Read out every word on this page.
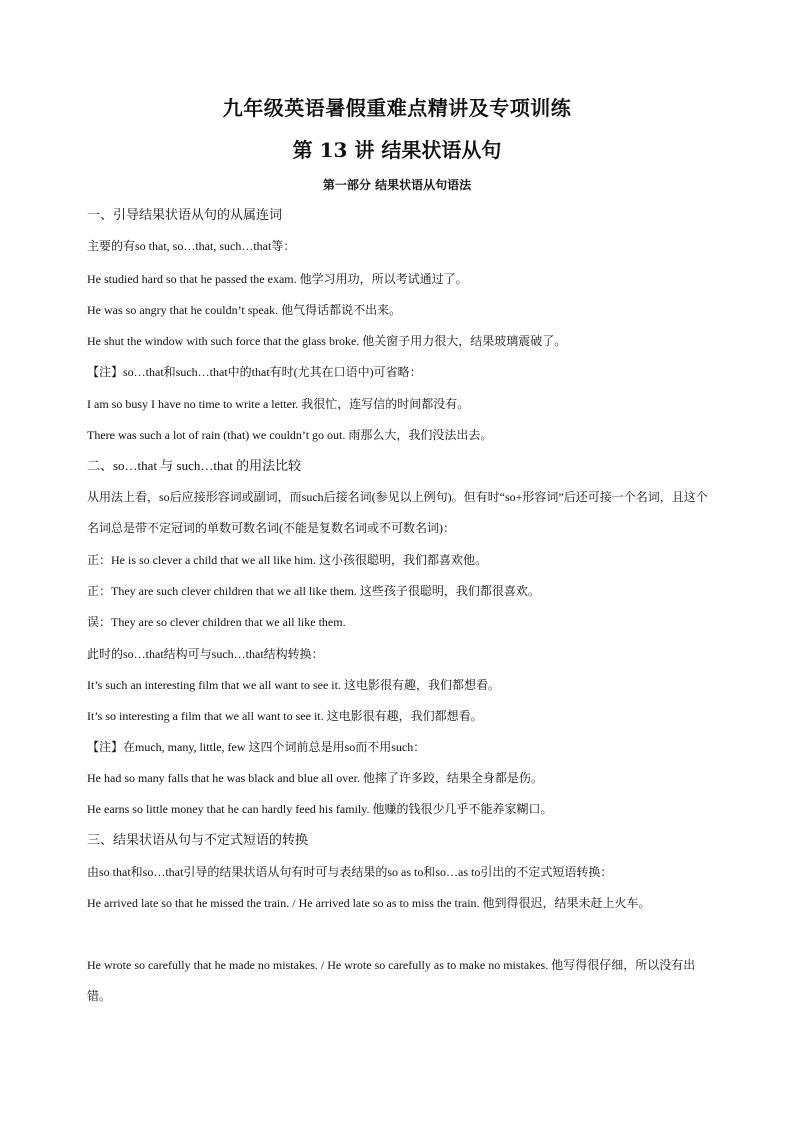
九年级英语暑假重难点精讲及专项训练
第 13 讲 结果状语从句
第一部分 结果状语从句语法
一、引导结果状语从句的从属连词
主要的有so that, so…that, such…that等：
He studied hard so that he passed the exam. 他学习用功，所以考试通过了。
He was so angry that he couldn’t speak. 他气得话都说不出来。
He shut the window with such force that the glass broke. 他关窗子用力很大，结果玻璃震破了。
【注】so…that和such…that中的that有时(尤其在口语中)可省略：
I am so busy I have no time to write a letter. 我很忙，连写信的时间都没有。
There was such a lot of rain (that) we couldn’t go out. 雨那么大，我们没法出去。
二、so…that 与 such…that 的用法比较
从用法上看，so后应接形容词或副词，而such后接名词(参见以上例句)。但有时“so+形容词”后还可接一个名词，且这个名词总是带不定冠词的单数可数名词(不能是复数名词或不可数名词)：
正：He is so clever a child that we all like him. 这小孩很聪明，我们都喜欢他。
正：They are such clever children that we all like them. 这些孩子很聪明，我们都很喜欢。
误：They are so clever children that we all like them.
此时的so…that结构可与such…that结构转换：
It’s such an interesting film that we all want to see it. 这电影很有趣，我们都想看。
It’s so interesting a film that we all want to see it. 这电影很有趣，我们都想看。
【注】在much, many, little, few 这四个词前总是用so而不用such：
He had so many falls that he was black and blue all over. 他摔了许多跤，结果全身都是伤。
He earns so little money that he can hardly feed his family. 他赚的钱很少几乎不能养家糊口。
三、结果状语从句与不定式短语的转换
由so that和so…that引导的结果状语从句有时可与表结果的so as to和so…as to引出的不定式短语转换：
He arrived late so that he missed the train. / He arrived late so as to miss the train. 他到得很迟，结果未赶上火车。
He wrote so carefully that he made no mistakes. / He wrote so carefully as to make no mistakes. 他写得很仔细，所以没有出错。
